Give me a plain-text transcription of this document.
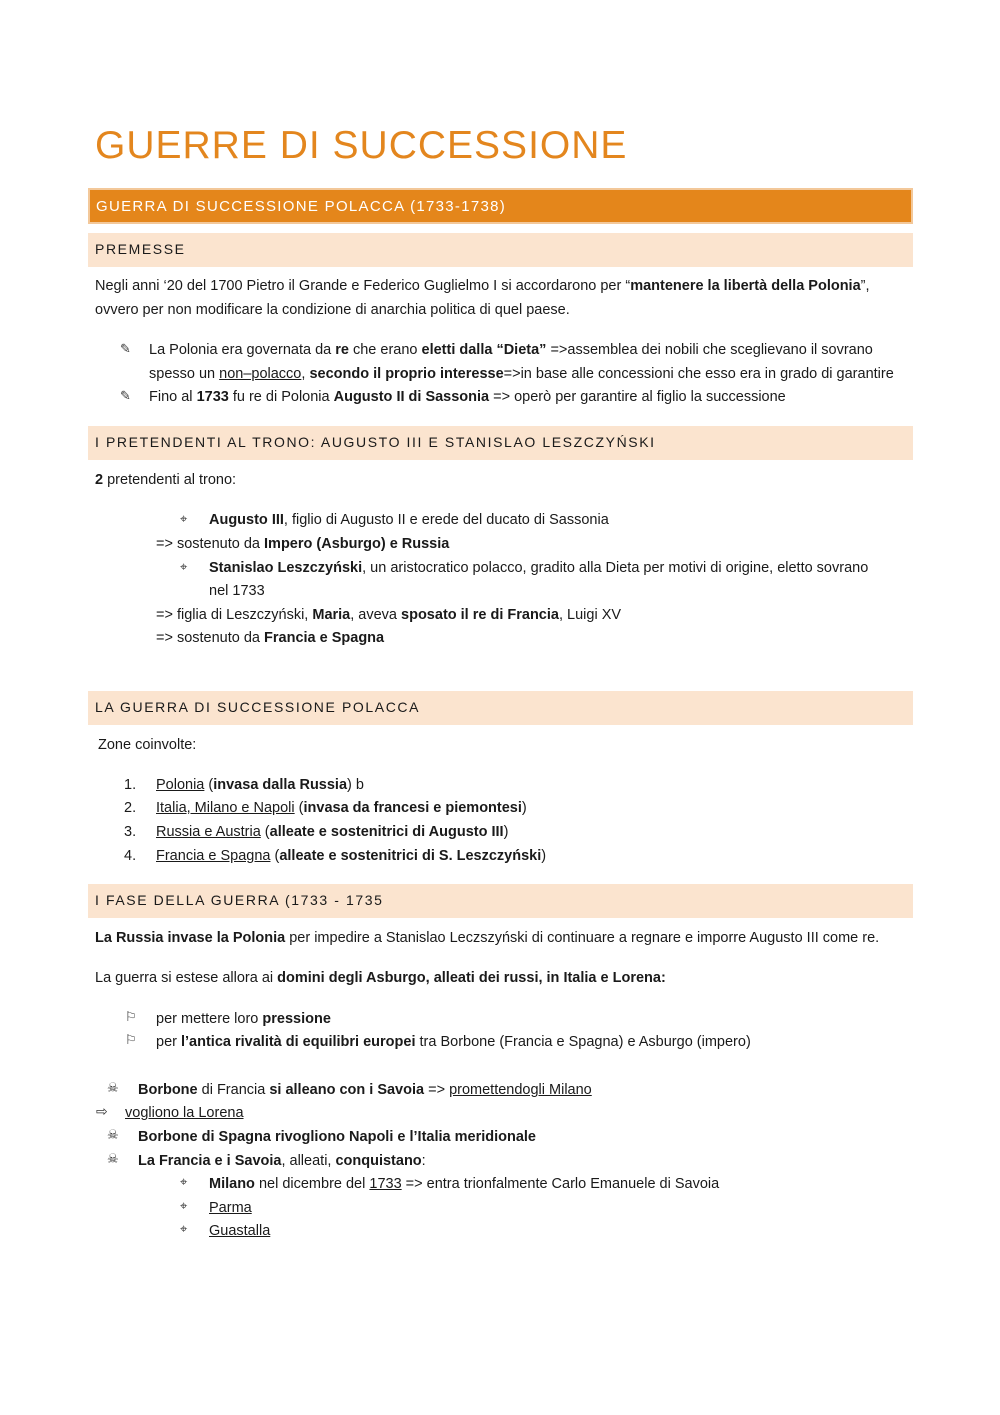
GUERRE DI SUCCESSIONE
GUERRA DI SUCCESSIONE POLACCA (1733-1738)
PREMESSE
Negli anni ‘20 del 1700 Pietro il Grande e Federico Guglielmo I si accordarono per “mantenere la libertà della Polonia”,
ovvero per non modificare la condizione di anarchia politica di quel paese.
✎ La Polonia era governata da re che erano eletti dalla “Dieta” =>assemblea dei nobili che sceglievano il sovrano
spesso un non–polacco, secondo il proprio interesse=>in base alle concessioni che esso era in grado di garantire
✎ Fino al 1733 fu re di Polonia Augusto II di Sassonia => operò per garantire al figlio la successione
I PRETENDENTI AL TRONO: AUGUSTO III E STANISLAO LESZCZYŃSKI
2 pretendenti al trono:
⌖ Augusto III, figlio di Augusto II e erede del ducato di Sassonia
=> sostenuto da Impero (Asburgo) e Russia
⌖ Stanislao Leszczyński, un aristocratico polacco, gradito alla Dieta per motivi di origine, eletto sovrano
nel 1733
=> figlia di Leszczyński, Maria, aveva sposato il re di Francia, Luigi XV
=> sostenuto da Francia e Spagna
LA GUERRA DI SUCCESSIONE POLACCA
Zone coinvolte:
1. Polonia (invasa dalla Russia) b
2. Italia, Milano e Napoli (invasa da francesi e piemontesi)
3. Russia e Austria (alleate e sostenitrici di Augusto III)
4. Francia e Spagna (alleate e sostenitrici di S. Leszczyński)
I FASE DELLA GUERRA (1733 - 1735
La Russia invase la Polonia per impedire a Stanislao Leczszyński di continuare a regnare e imporre Augusto III come re.
La guerra si estese allora ai domini degli Asburgo, alleati dei russi, in Italia e Lorena:
⚐ per mettere loro pressione
⚐ per l’antica rivalità di equilibri europei tra Borbone (Francia e Spagna) e Asburgo (impero)
☠ Borbone di Francia si alleano con i Savoia => promettendogli Milano
⇨ vogliono la Lorena
☠ Borbone di Spagna rivogliono Napoli e l’Italia meridionale
☠ La Francia e i Savoia, alleati, conquistano:
⌖ Milano nel dicembre del 1733 => entra trionfalmente Carlo Emanuele di Savoia
⌖ Parma
⌖ Guastalla
